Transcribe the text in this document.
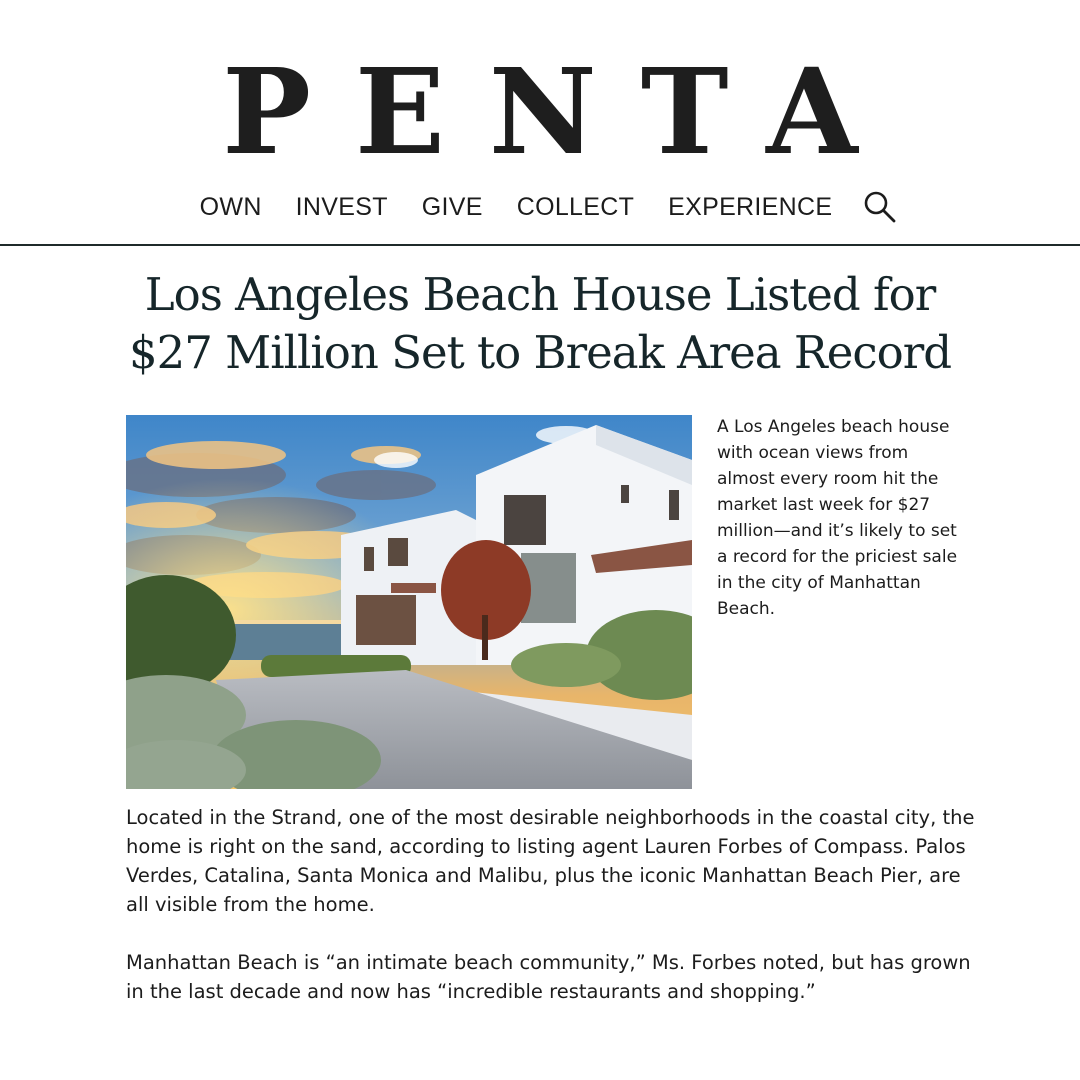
PENTA
OWN INVEST GIVE COLLECT EXPERIENCE
Los Angeles Beach House Listed for $27 Million Set to Break Area Record

A Los Angeles beach house with ocean views from almost every room hit the market last week for $27 million—and it’s likely to set a record for the priciest sale in the city of Manhattan Beach.

Located in the Strand, one of the most desirable neighborhoods in the coastal city, the home is right on the sand, according to listing agent Lauren Forbes of Compass. Palos Verdes, Catalina, Santa Monica and Malibu, plus the iconic Manhattan Beach Pier, are all visible from the home.

Manhattan Beach is “an intimate beach community,” Ms. Forbes noted, but has grown in the last decade and now has “incredible restaurants and shopping.”
